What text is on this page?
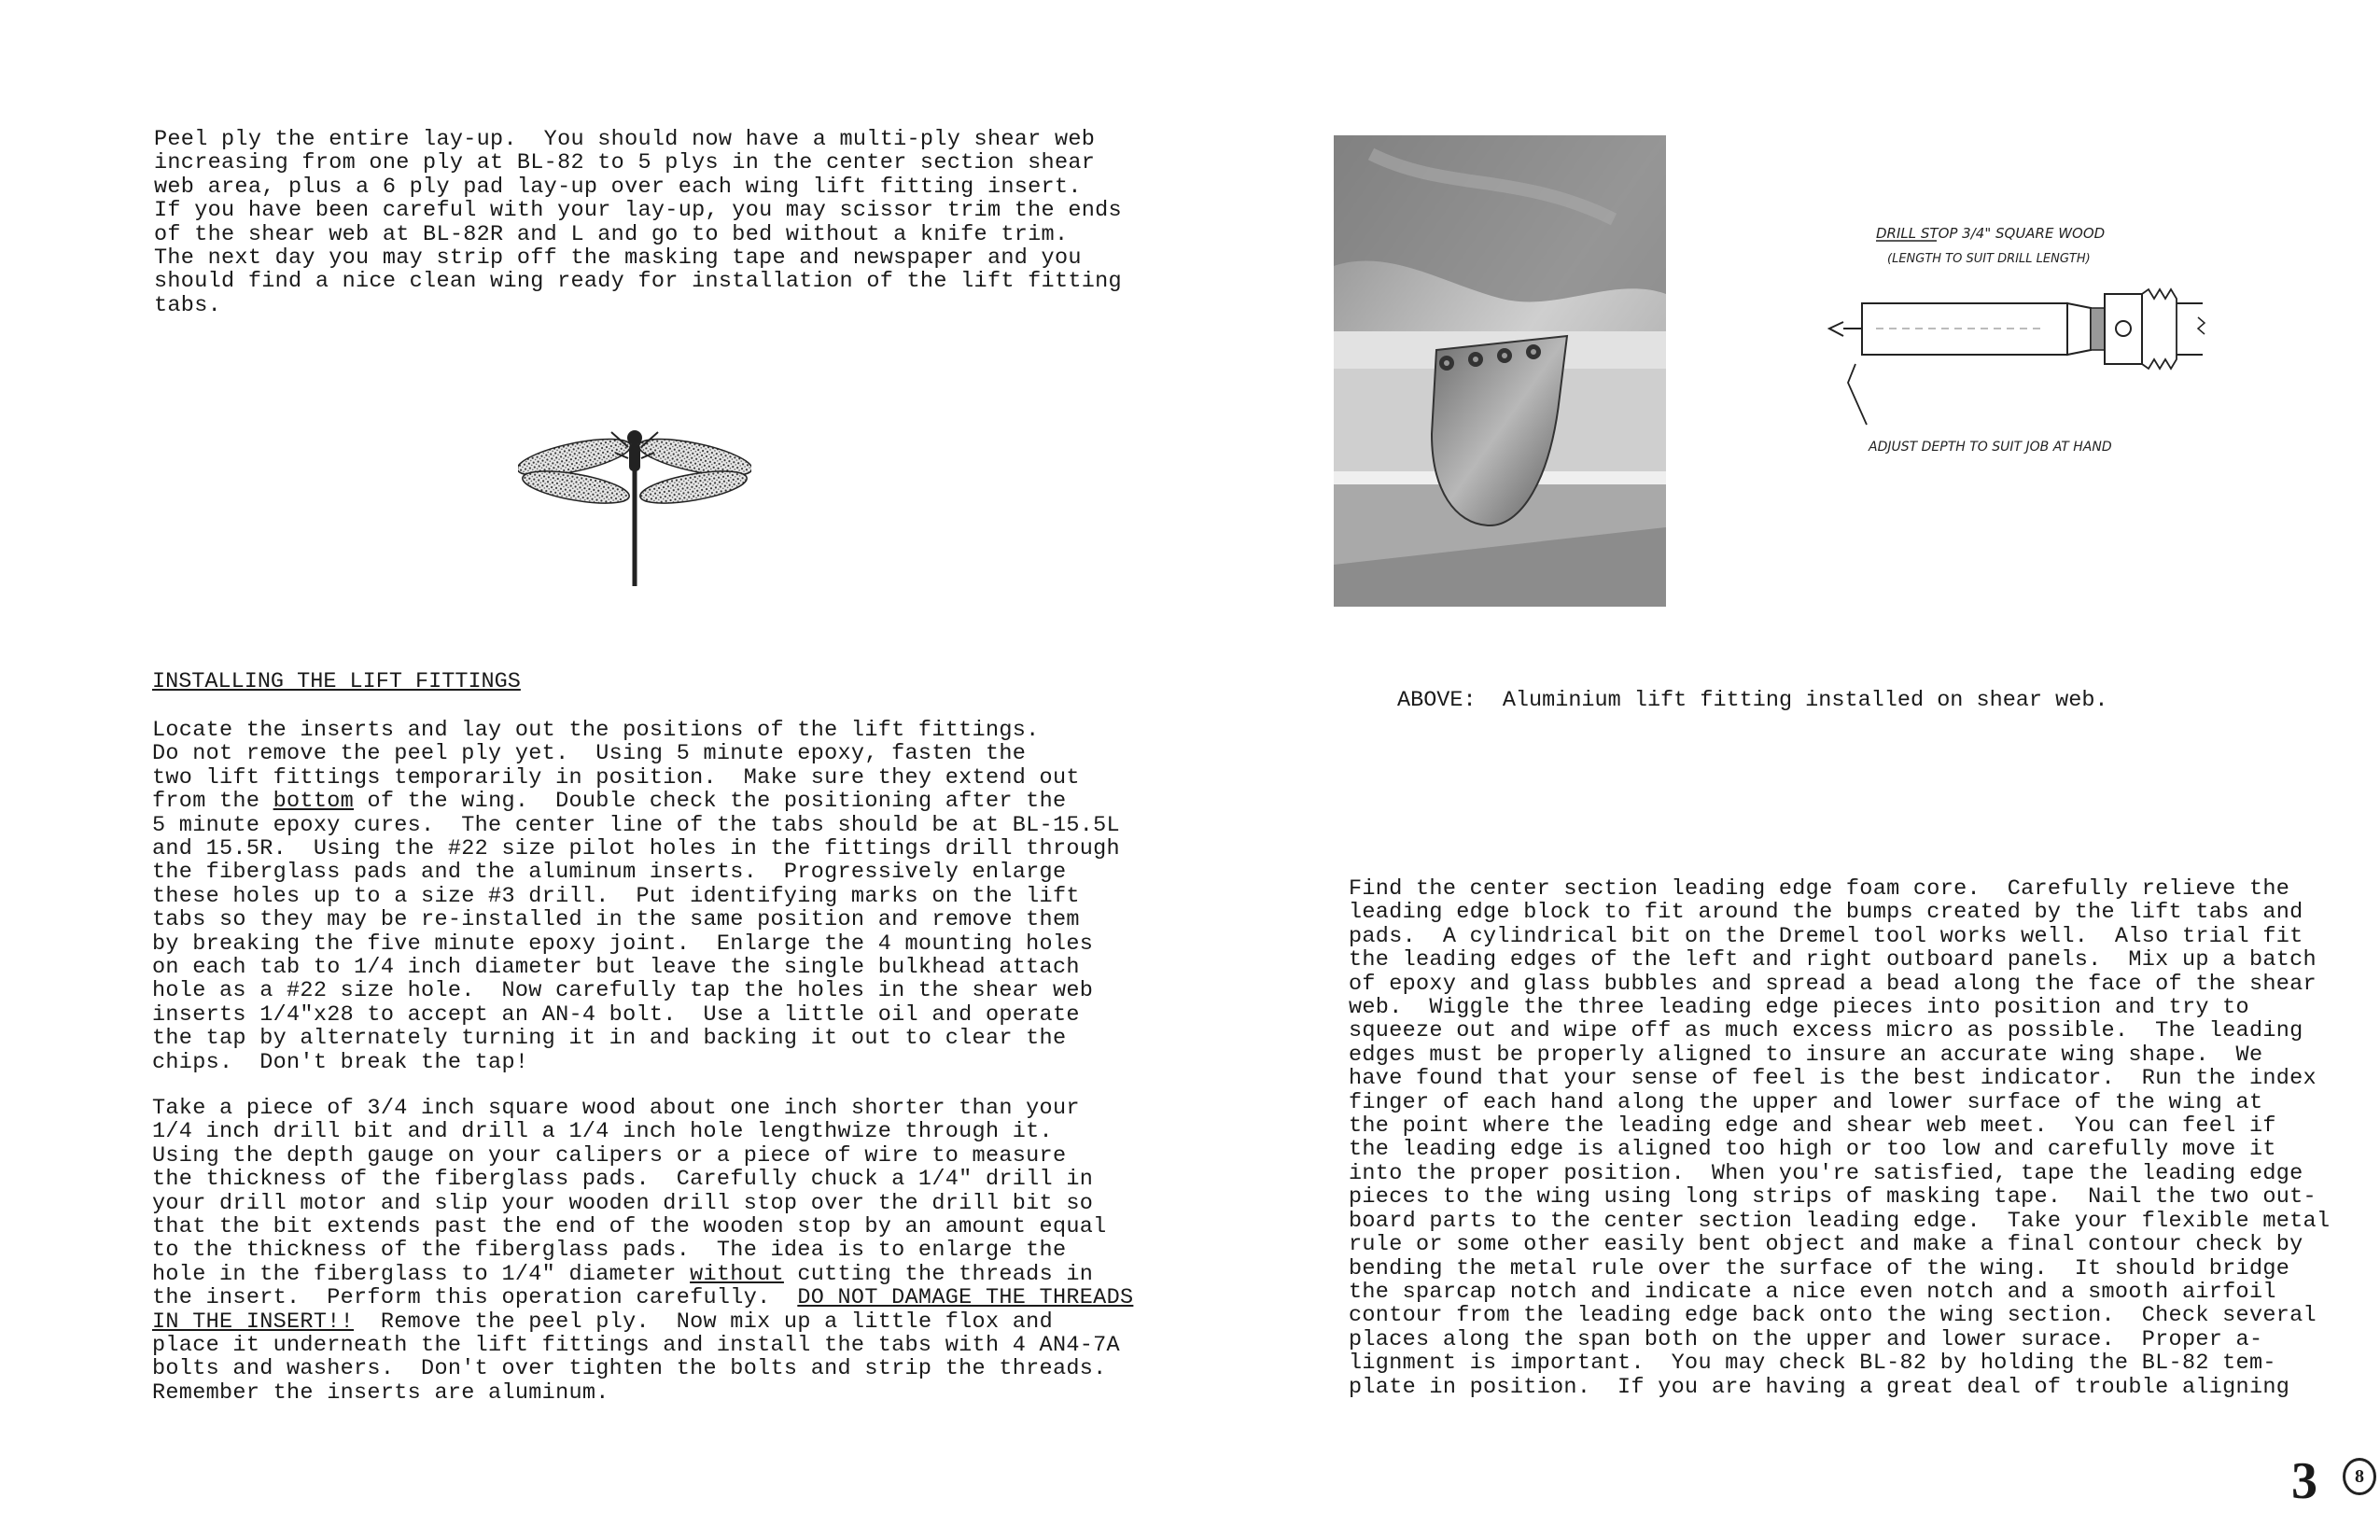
Peel ply the entire lay-up.  You should now have a multi-ply shear web
increasing from one ply at BL-82 to 5 plys in the center section shear
web area, plus a 6 ply pad lay-up over each wing lift fitting insert.
If you have been careful with your lay-up, you may scissor trim the ends
of the shear web at BL-82R and L and go to bed without a knife trim.
The next day you may strip off the masking tape and newspaper and you
should find a nice clean wing ready for installation of the lift fitting
tabs.
INSTALLING THE LIFT FITTINGS
Locate the inserts and lay out the positions of the lift fittings.
Do not remove the peel ply yet.  Using 5 minute epoxy, fasten the
two lift fittings temporarily in position.  Make sure they extend out
from the bottom of the wing.  Double check the positioning after the
5 minute epoxy cures.  The center line of the tabs should be at BL-15.5L
and 15.5R.  Using the #22 size pilot holes in the fittings drill through
the fiberglass pads and the aluminum inserts.  Progressively enlarge
these holes up to a size #3 drill.  Put identifying marks on the lift
tabs so they may be re-installed in the same position and remove them
by breaking the five minute epoxy joint.  Enlarge the 4 mounting holes
on each tab to 1/4 inch diameter but leave the single bulkhead attach
hole as a #22 size hole.  Now carefully tap the holes in the shear web
inserts 1/4"x28 to accept an AN-4 bolt.  Use a little oil and operate
the tap by alternately turning it in and backing it out to clear the
chips.  Don't break the tap!
Take a piece of 3/4 inch square wood about one inch shorter than your
1/4 inch drill bit and drill a 1/4 inch hole lengthwize through it.
Using the depth gauge on your calipers or a piece of wire to measure
the thickness of the fiberglass pads.  Carefully chuck a 1/4" drill in
your drill motor and slip your wooden drill stop over the drill bit so
that the bit extends past the end of the wooden stop by an amount equal
to the thickness of the fiberglass pads.  The idea is to enlarge the
hole in the fiberglass to 1/4" diameter without cutting the threads in
the insert.  Perform this operation carefully.  DO NOT DAMAGE THE THREADS
IN THE INSERT!!  Remove the peel ply.  Now mix up a little flox and
place it underneath the lift fittings and install the tabs with 4 AN4-7A
bolts and washers.  Don't over tighten the bolts and strip the threads.
Remember the inserts are aluminum.
DRILL STOP 3/4" SQUARE WOOD
(LENGTH TO SUIT DRILL LENGTH)
ADJUST DEPTH TO SUIT JOB AT HAND
ABOVE:  Aluminium lift fitting installed on shear web.
Find the center section leading edge foam core.  Carefully relieve the
leading edge block to fit around the bumps created by the lift tabs and
pads.  A cylindrical bit on the Dremel tool works well.  Also trial fit
the leading edges of the left and right outboard panels.  Mix up a batch
of epoxy and glass bubbles and spread a bead along the face of the shear
web.  Wiggle the three leading edge pieces into position and try to
squeeze out and wipe off as much excess micro as possible.  The leading
edges must be properly aligned to insure an accurate wing shape.  We
have found that your sense of feel is the best indicator.  Run the index
finger of each hand along the upper and lower surface of the wing at
the point where the leading edge and shear web meet.  You can feel if
the leading edge is aligned too high or too low and carefully move it
into the proper position.  When you're satisfied, tape the leading edge
pieces to the wing using long strips of masking tape.  Nail the two out-
board parts to the center section leading edge.  Take your flexible metal
rule or some other easily bent object and make a final contour check by
bending the metal rule over the surface of the wing.  It should bridge
the sparcap notch and indicate a nice even notch and a smooth airfoil
contour from the leading edge back onto the wing section.  Check several
places along the span both on the upper and lower surace.  Proper a-
lignment is important.  You may check BL-82 by holding the BL-82 tem-
plate in position.  If you are having a great deal of trouble aligning
3	8
